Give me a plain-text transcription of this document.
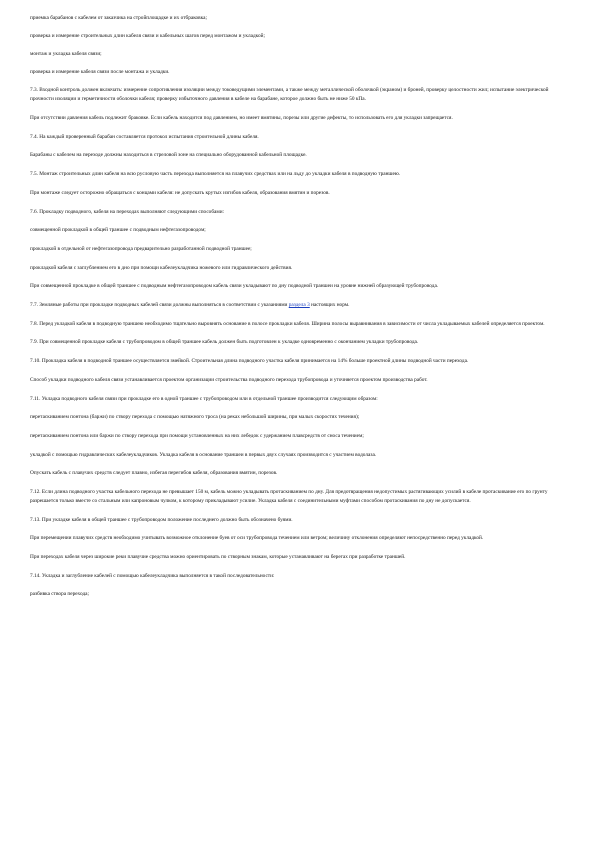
приемка барабанов с кабелем от заказчика на стройплощадке и их отбраковка;

проверка и измерение строительных длин кабеля связи и кабельных шагов перед монтажом и укладкой;

монтаж и укладка кабеля связи;

проверка и измерение кабеля связи после монтажа и укладки.

7.3. Входной контроль должен включать: измерение сопротивления изоляции между токоведущими элементами, а также между металлической оболочкой (экраном) и броней, проверку целостности жил; испытание электрической прочности изоляции и герметичности оболочки кабеля; проверку избыточного давления в кабеле на барабане, которое должно быть не ниже 50 кПа.

При отсутствии давления кабель подлежит браковке. Если кабель находится под давлением, но имеет вмятины, порезы или другие дефекты, то использовать его для укладки запрещается.

7.4. На каждый проверенный барабан составляется протокол испытания строительной длины кабеля.

Барабаны с кабелем на переходе должны находиться в стреловой зоне на специально оборудованной кабельной площадке.

7.5. Монтаж строительных длин кабеля на всю русловую часть перехода выполняется на плавучих средствах или на льду до укладки кабеля в подводную траншею.

При монтаже следует осторожно обращаться с концами кабеля: не допускать крутых изгибов кабеля, образования вмятин и порезов.

7.6. Прокладку подводного, кабеля на переходах выполняют следующими способами:

совмещенной прокладкой в общей траншее с подводным нефтегазопроводом;

прокладкой в отдельной от нефтегазопровода предварительно разработанной подводной траншее;

прокладкой кабеля с заглублением его в дно при помощи кабелеукладчика ножевого или гидравлического действия.

При совмещенной прокладке в общей траншее с подводным нефтегазопроводом кабель связи укладывают по дну подводной траншеи на уровне нижней образующей трубопровода.

7.7. Земляные работы при прокладке подводных кабелей связи должны выполняться в соответствии с указаниями раздела 3 настоящих норм.

7.8. Перед укладкой кабеля в подводную траншею необходимо тщательно выровнять основание в полосе прокладки кабеля. Ширина полосы выравнивания в зависимости от числа укладываемых кабелей определяется проектом.

7.9. При совмещенной прокладке кабеля с трубопроводом в общей траншее кабель должен быть подготовлен к укладке одновременно с окончанием укладки трубопровода.

7.10. Прокладка кабеля в подводной траншее осуществляется змейкой. Строительная длина подводного участка кабеля принимается на 14% больше проектной длины подводной части перехода.

Способ укладки подводного кабеля связи устанавливается проектом организации строительства подводного перехода трубопровода и уточняется проектом производства работ.

7.11. Укладка подводного кабеля связи при прокладке его в одной траншее с трубопроводом или в отдельной траншее производится следующим образом:

перетаскиванием понтона (баржи) по створу перехода с помощью натяжного троса (на реках небольшой ширины, при малых скоростях течения);

перетаскиванием понтона или баржи по створу перехода при помощи установленных на них лебедок с удержанием плавсредств от сноса течением;

укладкой с помощью гидравлических кабелеукладчиков. Укладка кабеля в основание траншеи в первых двух случаях производится с участием водолаза.

Опускать кабель с плавучих средств следует плавно, избегая перегибов кабеля, образования вмятин, порезов.

7.12. Если длина подводного участка кабельного перехода не превышает 150 м, кабель можно укладывать протаскиванием по дну. Для предотвращения недопустимых растягивающих усилий в кабеле протаскивание его по грунту разрешается только вместе со стальным или капроновым чулком, к которому прикладывают усилие. Укладка кабеля с соединительными муфтами способом протаскивания по дну не допускается.

7.13. При укладке кабеля в общей траншее с трубопроводом положение последнего должно быть обозначено буями.

При перемещении плавучих средств необходимо учитывать возможное отклонение буев от оси трубопровода течением или ветром; величину отклонения определяют непосредственно перед укладкой.

При переходах кабеля через широкие реки плавучие средства можно ориентировать по створным знакам, которые устанавливают на берегах при разработке траншей.

7.14. Укладка и заглубление кабелей с помощью кабелеукладчика выполняется в такой последовательности:

разбивка створа перехода;
